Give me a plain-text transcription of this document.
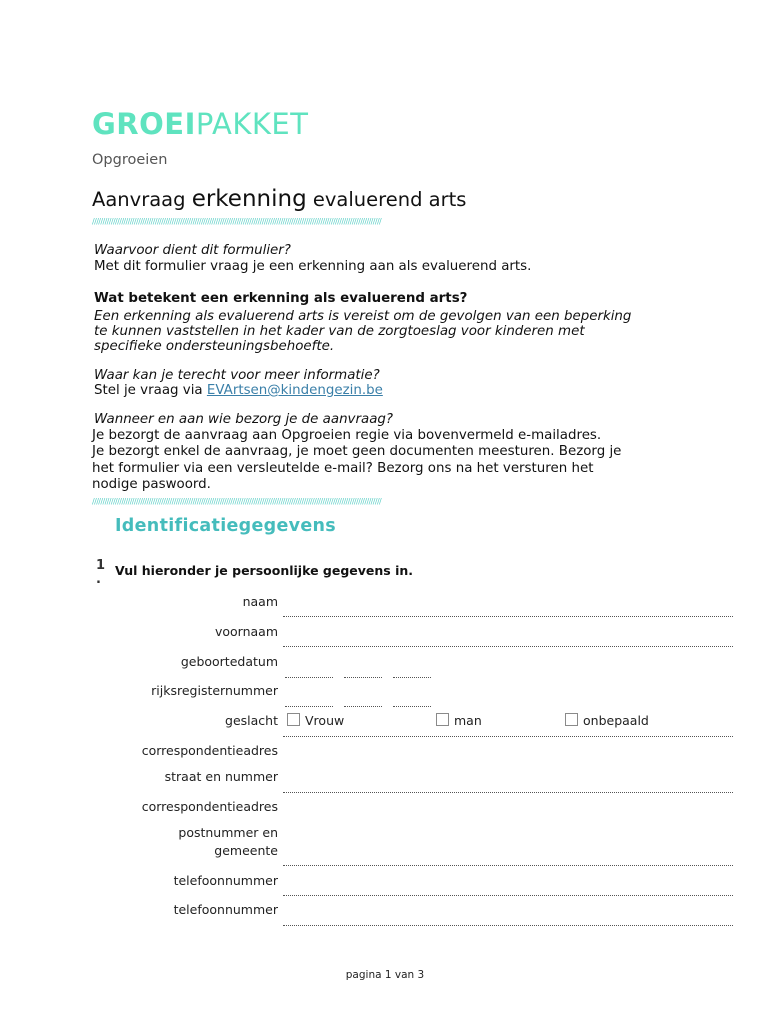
GROEIPAKKET
Opgroeien
Aanvraag erkenning evaluerend arts
//////////////////////////////////////////////////////////////////////////////////////////////////////////////////////////////////////////
Waarvoor dient dit formulier?
Met dit formulier vraag je een erkenning aan als evaluerend arts.
Wat betekent een erkenning als evaluerend arts?
Een erkenning als evaluerend arts is vereist om de gevolgen van een beperking
te kunnen vaststellen in het kader van de zorgtoeslag voor kinderen met
specifieke ondersteuningsbehoefte.
Waar kan je terecht voor meer informatie?
Stel je vraag via EVArtsen@kindengezin.be
Wanneer en aan wie bezorg je de aanvraag?
Je bezorgt de aanvraag aan Opgroeien regie via bovenvermeld e-mailadres.
Je bezorgt enkel de aanvraag, je moet geen documenten meesturen. Bezorg je
het formulier via een versleutelde e-mail? Bezorg ons na het versturen het
nodige paswoord.
//////////////////////////////////////////////////////////////////////////////////////////////////////////////////////////////////////////
Identificatiegegevens
1
.
Vul hieronder je persoonlijke gegevens in.
naam
voornaam
geboortedatum
rijksregisternummer
geslacht Vrouw	man	onbepaald
correspondentieadres
straat en nummer
correspondentieadres
postnummer en
gemeente
telefoonnummer
telefoonnummer
pagina 1 van 3
